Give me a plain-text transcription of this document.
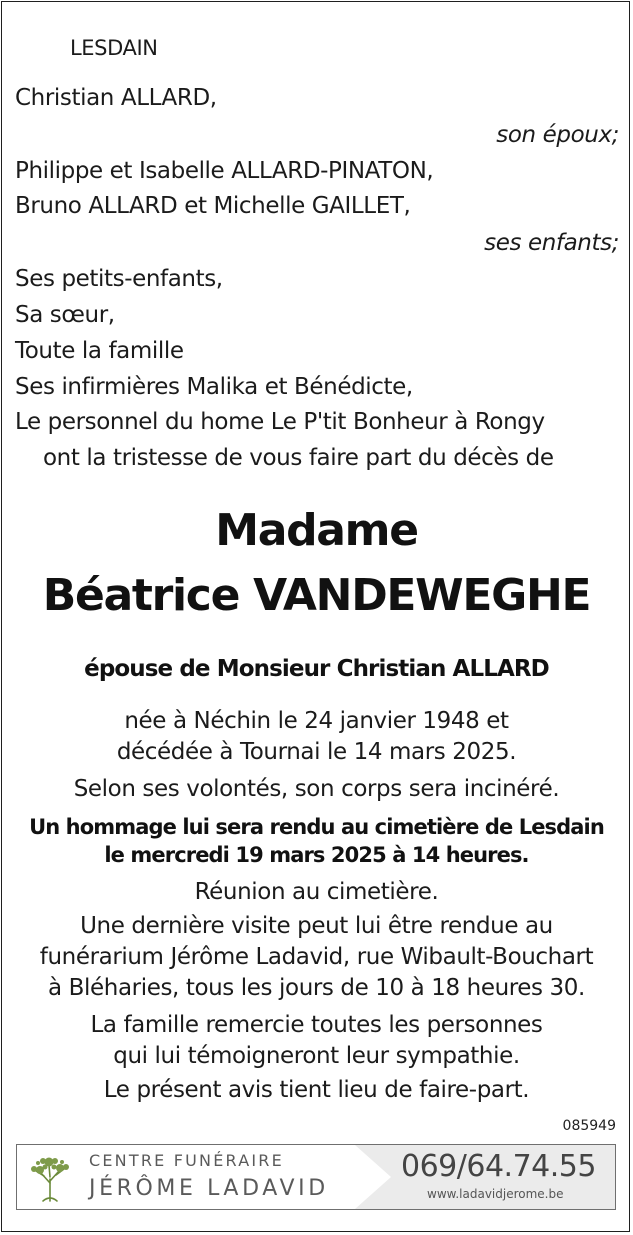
LESDAIN
Christian ALLARD,
son époux;
Philippe et Isabelle ALLARD-PINATON,
Bruno ALLARD et Michelle GAILLET,
ses enfants;
Ses petits-enfants,
Sa sœur,
Toute la famille
Ses infirmières Malika et Bénédicte,
Le personnel du home Le P'tit Bonheur à Rongy
ont la tristesse de vous faire part du décès de
Madame
Béatrice VANDEWEGHE
épouse de Monsieur Christian ALLARD
née à Néchin le 24 janvier 1948 et
décédée à Tournai le 14 mars 2025.
Selon ses volontés, son corps sera incinéré.
Un hommage lui sera rendu au cimetière de Lesdain
le mercredi 19 mars 2025 à 14 heures.
Réunion au cimetière.
Une dernière visite peut lui être rendue au
funérarium Jérôme Ladavid, rue Wibault-Bouchart
à Bléharies, tous les jours de 10 à 18 heures 30.
La famille remercie toutes les personnes
qui lui témoigneront leur sympathie.
Le présent avis tient lieu de faire-part.
085949
CENTRE FUNÉRAIRE
JÉRÔME LADAVID
069/64.74.55
www.ladavidjerome.be
